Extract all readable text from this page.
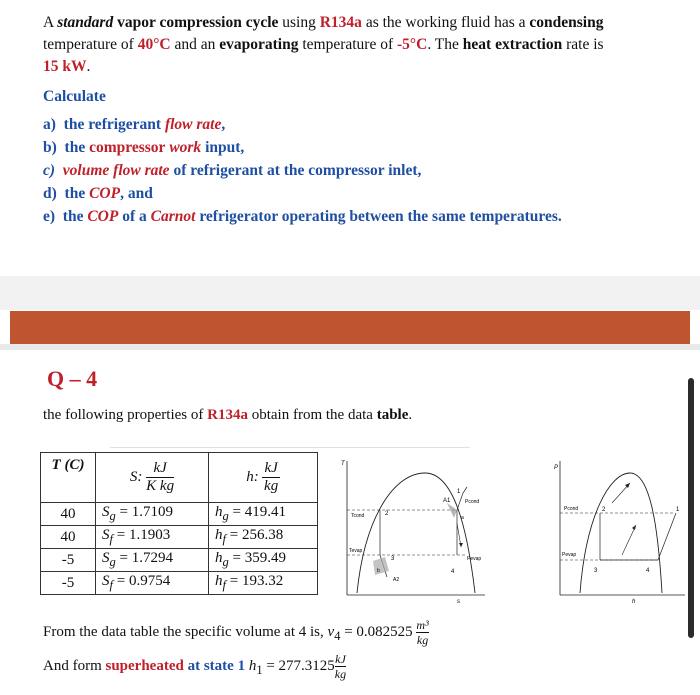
A standard vapor compression cycle using R134a as the working fluid has a condensing

temperature of 40°C and an evaporating temperature of -5°C. The heat extraction rate is

15 kW.

Calculate

a) the refrigerant flow rate,
b) the compressor work input,
c) volume flow rate of refrigerant at the compressor inlet,
d) the COP, and
e) the COP of a Carnot refrigerator operating between the same temperatures.
Q – 4

the following properties of R134a obtain from the data table.

T (C)	S: $\frac{kJ}{\text{K kg}}$	h: $\frac{kJ}{kg}$

40	$S_g = 1.7109$	$h_g = 419.41$
40	$S_f = 1.1903$	$h_f = 256.38$
-5	$S_g = 1.7294$	$h_g = 359.49$
-5	$S_f = 0.9754$	$h_f = 193.32$
T
s
Tcond
Tevap
2
3
4
1
A1
A2
a
b
Pcond
Pevap
P
h
Pcond
Pevap
2	1
3	4
From the data table the specific volume at 4 is, $v_4 = 0.082525 \frac{\text{m³}}{kg}$
And form superheated at state 1 $h_1 = 277.3125 \frac{kJ}{kg}$
